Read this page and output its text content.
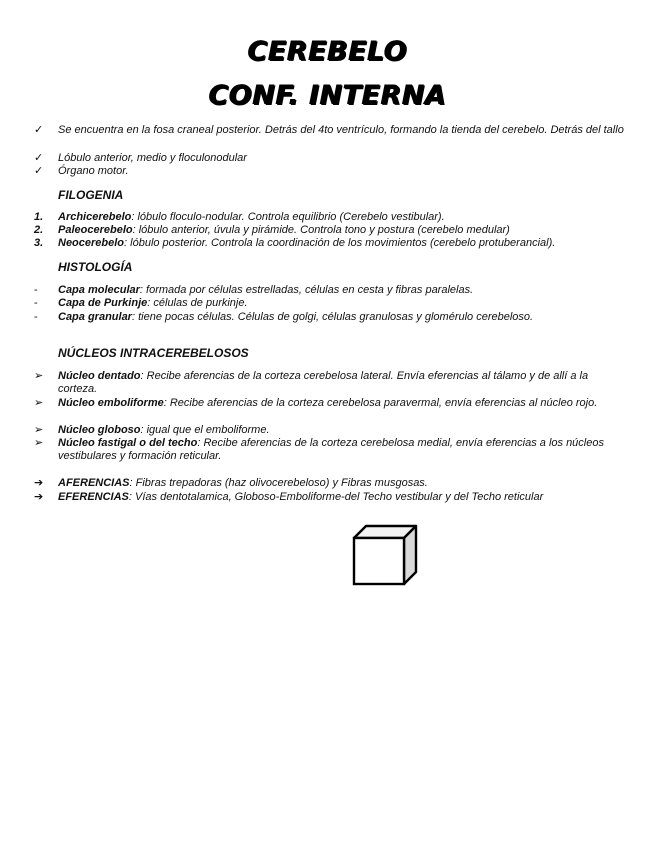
CEREBELO
CONF. INTERNA
✓	Se encuentra en la fosa craneal posterior. Detrás del 4to ventrículo, formando la tienda del cerebelo. Detrás del tallo
✓	Lóbulo anterior, medio y floculonodular
✓	Órgano motor.
FILOGENIA
1.	Archicerebelo: lóbulo floculo-nodular. Controla equilibrio (Cerebelo vestibular).
2.	Paleocerebelo: lóbulo anterior, úvula y pirámide. Controla tono y postura (cerebelo medular)
3.	Neocerebelo: lóbulo posterior. Controla la coordinación de los movimientos (cerebelo protuberancial).
HISTOLOGÍA
-	Capa molecular: formada por células estrelladas, células en cesta y fibras paralelas.
-	Capa de Purkinje: células de purkinje.
-	Capa granular: tiene pocas células. Células de golgi, células granulosas y glomérulo cerebeloso.
NÚCLEOS INTRACEREBELOSOS
➢	Núcleo dentado: Recibe aferencias de la corteza cerebelosa lateral. Envía eferencias al tálamo y de allí a la corteza.
➢	Núcleo emboliforme: Recibe aferencias de la corteza cerebelosa paravermal, envía eferencias al núcleo rojo.
➢	Núcleo globoso: igual que el emboliforme.
➢	Núcleo fastigal o del techo: Recibe aferencias de la corteza cerebelosa medial, envía eferencias a los núcleos vestibulares y formación reticular.
➔	AFERENCIAS: Fibras trepadoras (haz olivocerebeloso) y Fibras musgosas.
➔	EFERENCIAS: Vías dentotalamica, Globoso-Emboliforme-del Techo vestibular y del Techo reticular
